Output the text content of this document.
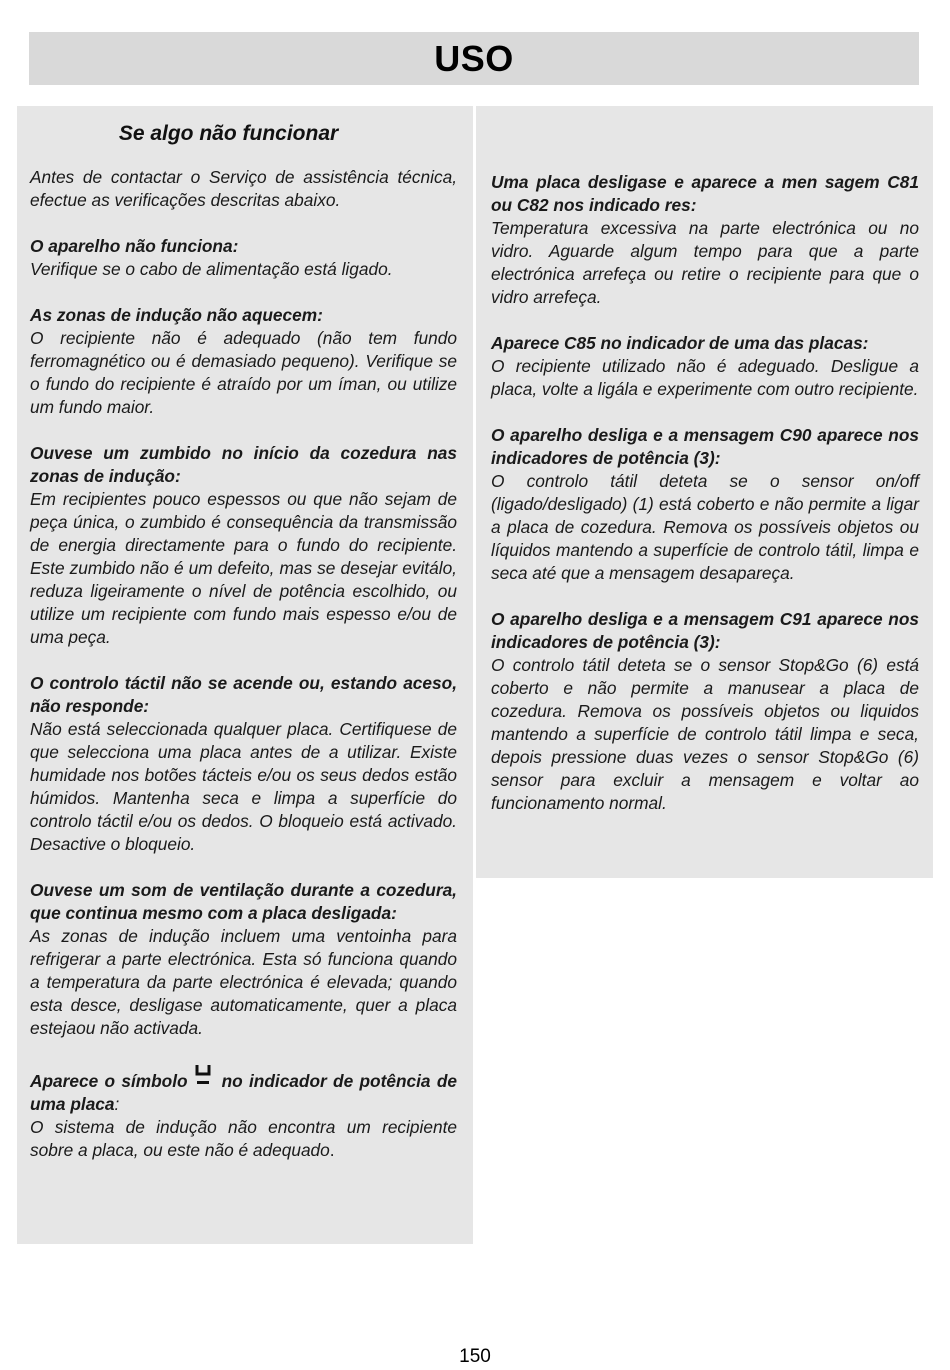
USO
Se algo não funcionar

Antes de contactar o Serviço de assistência técnica, efectue as verificações descritas abaixo.

O aparelho não funciona:

Verifique se o cabo de alimentação está ligado.

As zonas de indução não aquecem:

O recipiente não é adequado (não tem fundo ferromagnético ou é demasiado pequeno). Verifique se o fundo do recipiente é atraído por um íman, ou utilize um fundo maior.

Ouvese um zumbido no início da cozedura nas zonas de indução:

Em recipientes pouco espessos ou que não sejam de peça única, o zumbido é consequência da transmissão de energia directamente para o fundo do recipiente. Este zumbido não é um defeito, mas se desejar evitálo, reduza ligeiramente o nível de potência escolhido, ou utilize um recipiente com fundo mais espesso e/ou de uma peça.

O controlo táctil não se acende ou, estando aceso, não responde:

Não está seleccionada qualquer placa. Certifiquese de que selecciona uma placa antes de a utilizar. Existe humidade nos botões tácteis e/ou os seus dedos estão húmidos. Mantenha seca e limpa a superfície do controlo táctil e/ou os dedos. O bloqueio está activado. Desactive o bloqueio.

Ouvese um som de ventilação durante a cozedura, que continua mesmo com a placa desligada:

As zonas de indução incluem uma ventoinha para refrigerar a parte electrónica. Esta só funciona quando a temperatura da parte electrónica é elevada; quando esta desce, desligase automaticamente, quer a placa estejaou não activada.

Aparece o símbolo no indicador de potência de uma placa:

O sistema de indução não encontra um recipiente sobre a placa, ou este não é adequado.

Uma placa desligase e aparece a men sagem C81 ou C82 nos indicado res:

Temperatura excessiva na parte electrónica ou no vidro. Aguarde algum tempo para que a parte electrónica arrefeça ou retire o recipiente para que o vidro arrefeça.

Aparece C85 no indicador de uma das placas:

O recipiente utilizado não é adeguado. Desligue a placa, volte a ligála e experimente com outro recipiente.

O aparelho desliga e a mensagem C90 aparece nos indicadores de potência (3):

O controlo tátil deteta se o sensor on/off (ligado/desligado) (1) está coberto e não permite a ligar a placa de cozedura. Remova os possíveis objetos ou líquidos mantendo a superfície de controlo tátil, limpa e seca até que a mensagem desapareça.

O aparelho desliga e a mensagem C91 aparece nos indicadores de potência (3):

O controlo tátil deteta se o sensor Stop&Go (6) está coberto e não permite a manusear a placa de cozedura. Remova os possíveis objetos ou liquidos mantendo a superfície de controlo tátil limpa e seca, depois pressione duas vezes o sensor Stop&Go (6) sensor para excluir a mensagem e voltar ao funcionamento normal.

150
